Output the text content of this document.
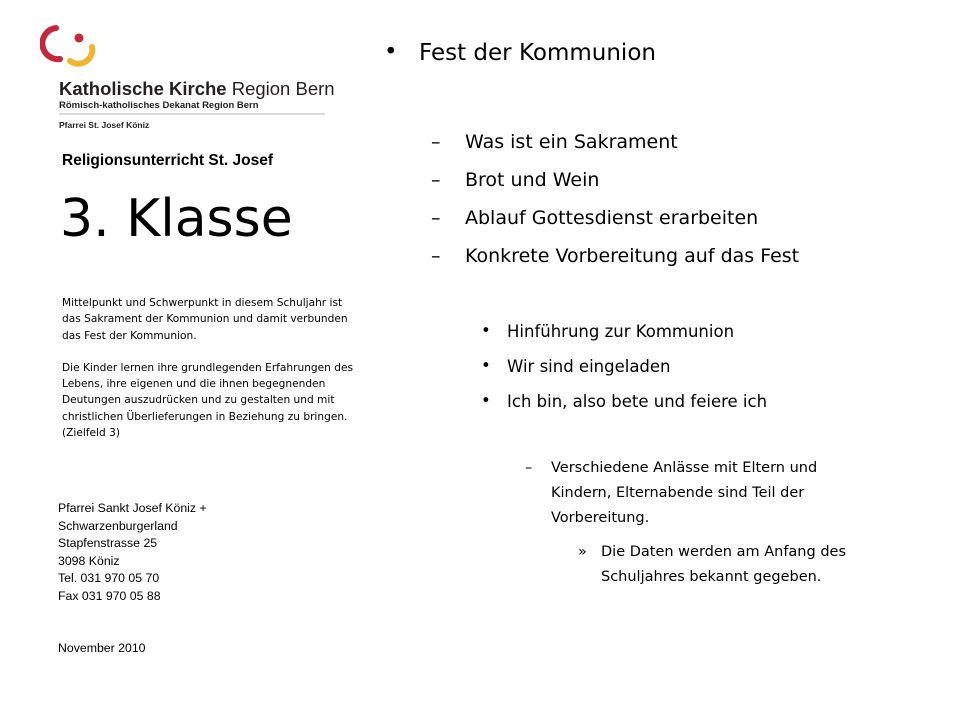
Katholische Kirche Region Bern
Römisch-katholisches Dekanat Region Bern
Pfarrei St. Josef Köniz
Religionsunterricht St. Josef
3. Klasse

Mittelpunkt und Schwerpunkt in diesem Schuljahr ist das Sakrament der Kommunion und damit verbunden das Fest der Kommunion.

Die Kinder lernen ihre grundlegenden Erfahrungen des Lebens, ihre eigenen und die ihnen begegnenden Deutungen auszudrücken und zu gestalten und mit christlichen Überlieferungen in Beziehung zu bringen. (Zielfeld 3)

Pfarrei Sankt Josef Köniz +
Schwarzenburgerland
Stapfenstrasse 25
3098 Köniz
Tel. 031 970 05 70
Fax 031 970 05 88
November 2010
• Fest der Kommunion
– Was ist ein Sakrament
– Brot und Wein
– Ablauf Gottesdienst erarbeiten
– Konkrete Vorbereitung auf das Fest
• Hinführung zur Kommunion
• Wir sind eingeladen
• Ich bin, also bete und feiere ich
– Verschiedene Anlässe mit Eltern und Kindern, Elternabende sind Teil der Vorbereitung.
» Die Daten werden am Anfang des Schuljahres bekannt gegeben.
